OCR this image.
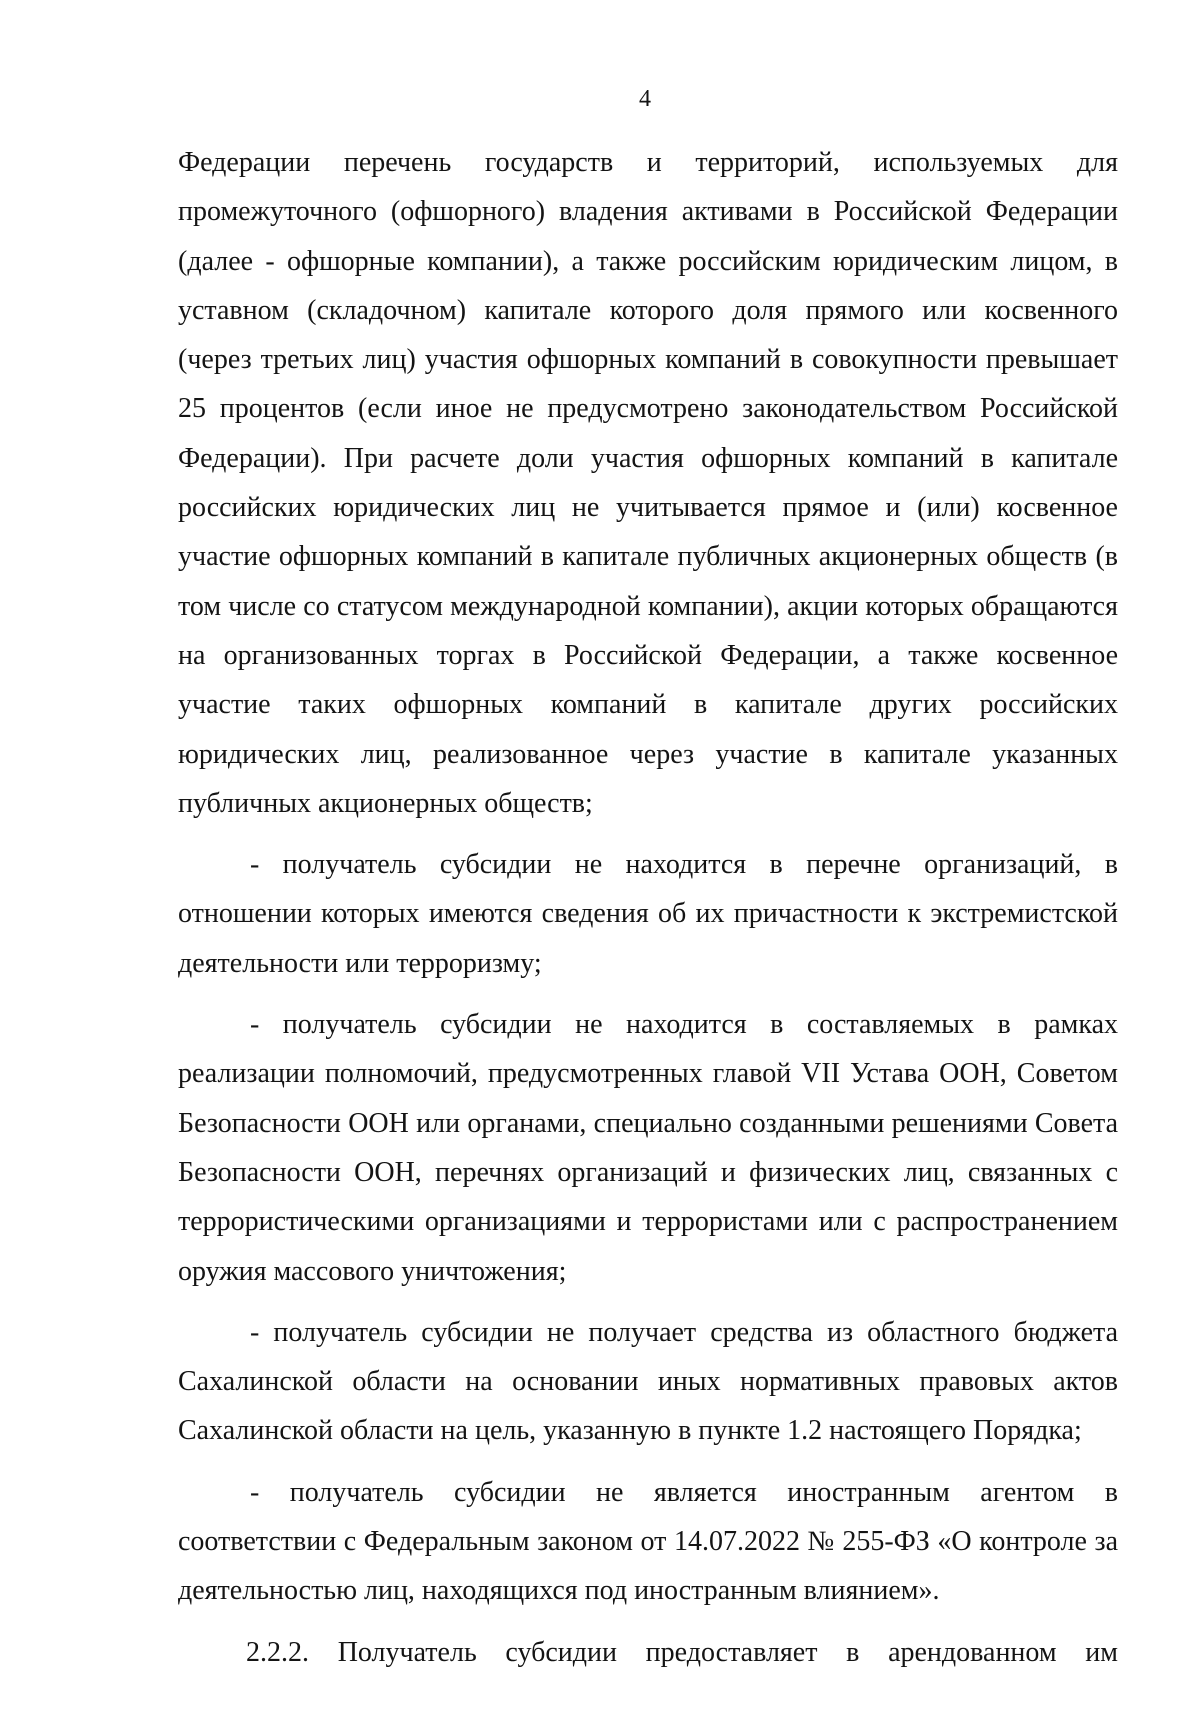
4

Федерации перечень государств и территорий, используемых для промежуточного (офшорного) владения активами в Российской Федерации (далее - офшорные компании), а также российским юридическим лицом, в уставном (складочном) капитале которого доля прямого или косвенного (через третьих лиц) участия офшорных компаний в совокупности превышает 25 процентов (если иное не предусмотрено законодательством Российской Федерации). При расчете доли участия офшорных компаний в капитале российских юридических лиц не учитывается прямое и (или) косвенное участие офшорных компаний в капитале публичных акционерных обществ (в том числе со статусом международной компании), акции которых обращаются на организованных торгах в Российской Федерации, а также косвенное участие таких офшорных компаний в капитале других российских юридических лиц, реализованное через участие в капитале указанных публичных акционерных обществ;

- получатель субсидии не находится в перечне организаций, в отношении которых имеются сведения об их причастности к экстремистской деятельности или терроризму;

- получатель субсидии не находится в составляемых в рамках реализации полномочий, предусмотренных главой VII Устава ООН, Советом Безопасности ООН или органами, специально созданными решениями Совета Безопасности ООН, перечнях организаций и физических лиц, связанных с террористическими организациями и террористами или с распространением оружия массового уничтожения;

- получатель субсидии не получает средства из областного бюджета Сахалинской области на основании иных нормативных правовых актов Сахалинской области на цель, указанную в пункте 1.2 настоящего Порядка;

- получатель субсидии не является иностранным агентом в соответствии с Федеральным законом от 14.07.2022 № 255-ФЗ «О контроле за деятельностью лиц, находящихся под иностранным влиянием».

2.2.2. Получатель субсидии предоставляет в арендованном им
